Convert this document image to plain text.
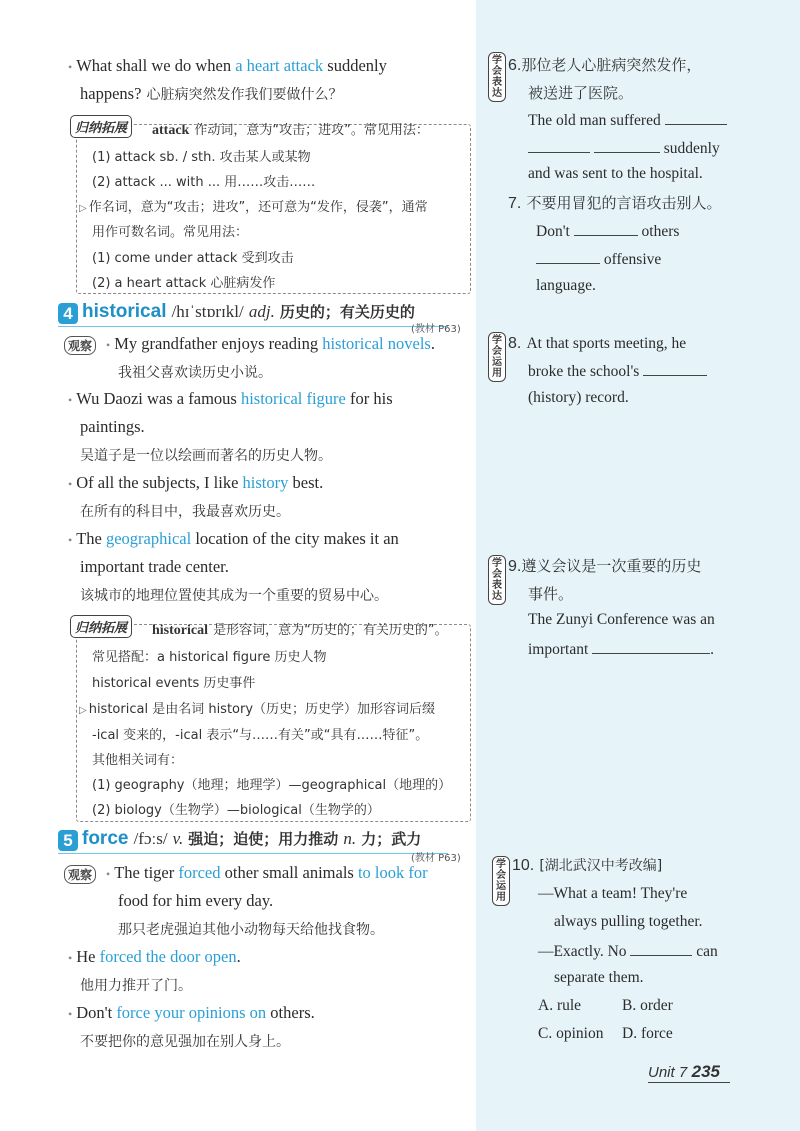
• What shall we do when a heart attack suddenly
happens? 心脏病突然发作我们要做什么？
归纳拓展	attack 作动词，意为“攻击；进攻”。常见用法：
(1) attack sb. / sth. 攻击某人或某物
(2) attack ... with ... 用……攻击……
▷ 作名词，意为“攻击；进攻”，还可意为“发作，侵袭”，通常
用作可数名词。常见用法：
(1) come under attack 受到攻击
(2) a heart attack 心脏病发作
4 historical /hɪˈstɒrɪkl/ adj. 历史的；有关历史的
(教材 P63)
观察	• My grandfather enjoys reading historical novels.
我祖父喜欢读历史小说。
• Wu Daozi was a famous historical figure for his
paintings.
吴道子是一位以绘画而著名的历史人物。
• Of all the subjects, I like history best.
在所有的科目中，我最喜欢历史。
• The geographical location of the city makes it an
important trade center.
该城市的地理位置使其成为一个重要的贸易中心。
归纳拓展	historical 是形容词，意为“历史的；有关历史的”。
常见搭配：a historical figure 历史人物
historical events 历史事件
▷ historical 是由名词 history（历史；历史学）加形容词后缀
-ical 变来的，-ical 表示“与……有关”或“具有……特征”。
其他相关词有：
(1) geography（地理；地理学）—geographical（地理的）
(2) biology（生物学）—biological（生物学的）
5 force /fɔːs/ v. 强迫；迫使；用力推动 n. 力；武力
(教材 P63)
观察	• The tiger forced other small animals to look for
food for him every day.
那只老虎强迫其他小动物每天给他找食物。
• He forced the door open.
他用力推开了门。
• Don't force your opinions on others.
不要把你的意见强加在别人身上。
学会表达
6.那位老人心脏病突然发作，
被送进了医院。
The old man suffered
suddenly
and was sent to the hospital.
7. 不要用冒犯的言语攻击别人。
Don't	others
offensive
language.
学会运用
8. At that sports meeting, he
broke the school's
(history) record.
学会表达
9.遵义会议是一次重要的历史
事件。
The Zunyi Conference was an
important	.
学会运用
10. [湖北武汉中考改编]
—What a team! They're
always pulling together.
—Exactly. No	can
separate them.
A. rule	B. order
C. opinion D. force
Unit 7 235
